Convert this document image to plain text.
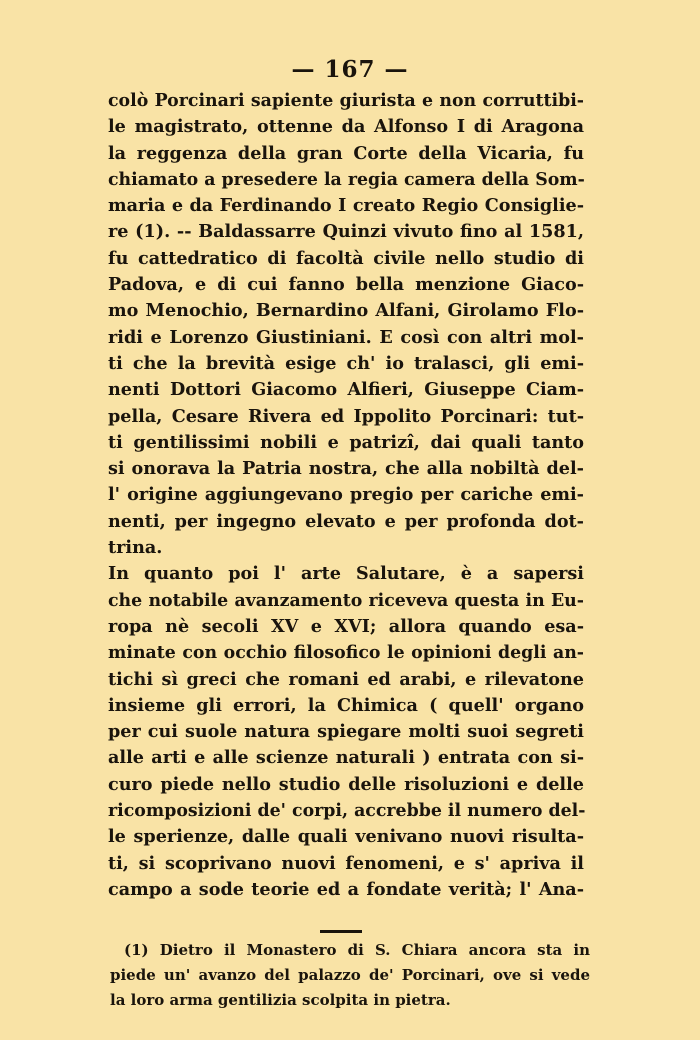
— 167 —
colò Porcinari sapiente giurista e non corruttibi-
le magistrato, ottenne da Alfonso I di Aragona
la reggenza della gran Corte della Vicaria, fu
chiamato a presedere la regia camera della Som-
maria e da Ferdinando I creato Regio Consiglie-
re (1). -- Baldassarre Quinzi vivuto fino al 1581,
fu cattedratico di facoltà civile nello studio di
Padova, e di cui fanno bella menzione Giaco-
mo Menochio, Bernardino Alfani, Girolamo Flo-
ridi e Lorenzo Giustiniani. E così con altri mol-
ti che la brevità esige ch' io tralasci, gli emi-
nenti Dottori Giacomo Alfieri, Giuseppe Ciam-
pella, Cesare Rivera ed Ippolito Porcinari: tut-
ti gentilissimi nobili e patrizî, dai quali tanto
si onorava la Patria nostra, che alla nobiltà del-
l' origine aggiungevano pregio per cariche emi-
nenti, per ingegno elevato e per profonda dot-
trina.
In quanto poi l' arte Salutare, è a sapersi
che notabile avanzamento riceveva questa in Eu-
ropa nè secoli XV e XVI; allora quando esa-
minate con occhio filosofico le opinioni degli an-
tichi sì greci che romani ed arabi, e rilevatone
insieme gli errori, la Chimica ( quell' organo
per cui suole natura spiegare molti suoi segreti
alle arti e alle scienze naturali ) entrata con si-
curo piede nello studio delle risoluzioni e delle
ricomposizioni de' corpi, accrebbe il numero del-
le sperienze, dalle quali venivano nuovi risulta-
ti, si scoprivano nuovi fenomeni, e s' apriva il
campo a sode teorie ed a fondate verità; l' Ana-
(1) Dietro il Monastero di S. Chiara ancora sta in
piede un' avanzo del palazzo de' Porcinari, ove si vede
la loro arma gentilizia scolpita in pietra.
